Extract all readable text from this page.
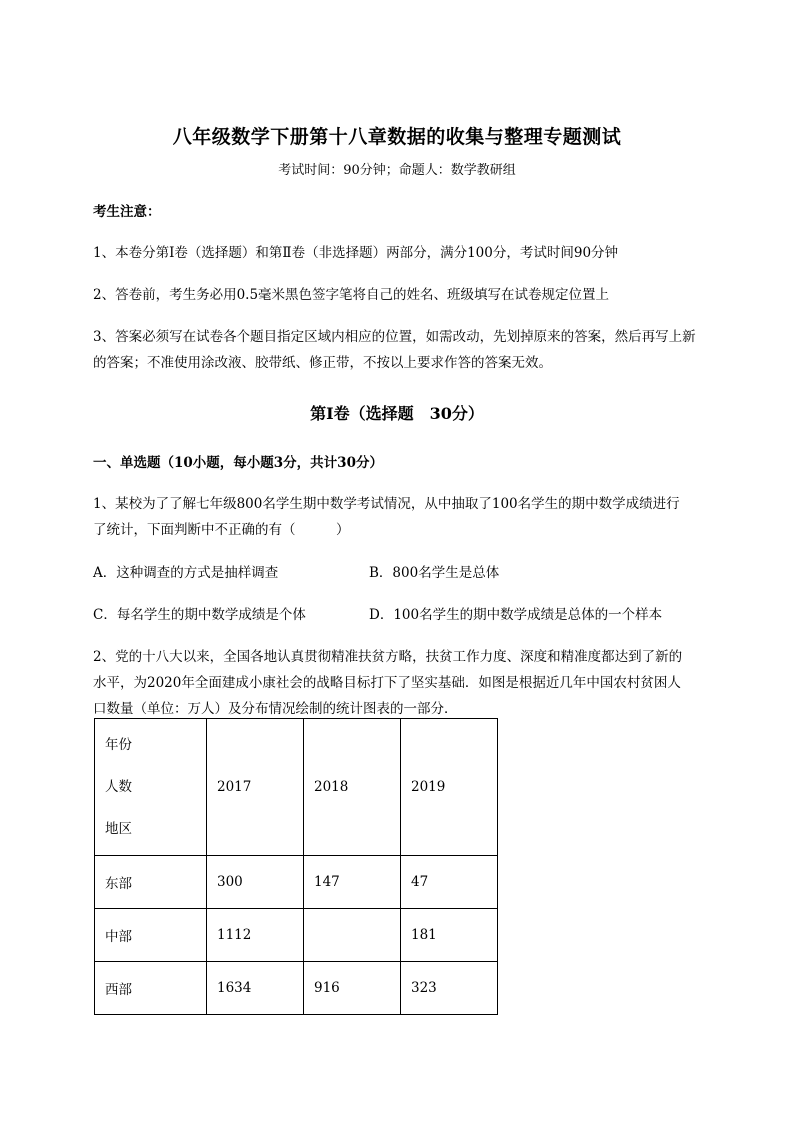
八年级数学下册第十八章数据的收集与整理专题测试
考试时间：90分钟；命题人：数学教研组
考生注意：
1、本卷分第I卷（选择题）和第Ⅱ卷（非选择题）两部分，满分100分，考试时间90分钟
2、答卷前，考生务必用0.5毫米黑色签字笔将自己的姓名、班级填写在试卷规定位置上
3、答案必须写在试卷各个题目指定区域内相应的位置，如需改动，先划掉原来的答案，然后再写上新
的答案；不准使用涂改液、胶带纸、修正带，不按以上要求作答的答案无效。
第I卷（选择题　30分）
一、单选题（10小题，每小题3分，共计30分）
1、某校为了了解七年级800名学生期中数学考试情况，从中抽取了100名学生的期中数学成绩进行
了统计，下面判断中不正确的有（　　　）
A．这种调查的方式是抽样调查	B．800名学生是总体
C．每名学生的期中数学成绩是个体	D．100名学生的期中数学成绩是总体的一个样本
2、党的十八大以来，全国各地认真贯彻精准扶贫方略，扶贫工作力度、深度和精准度都达到了新的
水平，为2020年全面建成小康社会的战略目标打下了坚实基础．如图是根据近几年中国农村贫困人
口数量（单位：万人）及分布情况绘制的统计图表的一部分．
年份
人数
地区	2017	2018	2019
东部	300	147	47
中部	1112		181
西部	1634	916	323
